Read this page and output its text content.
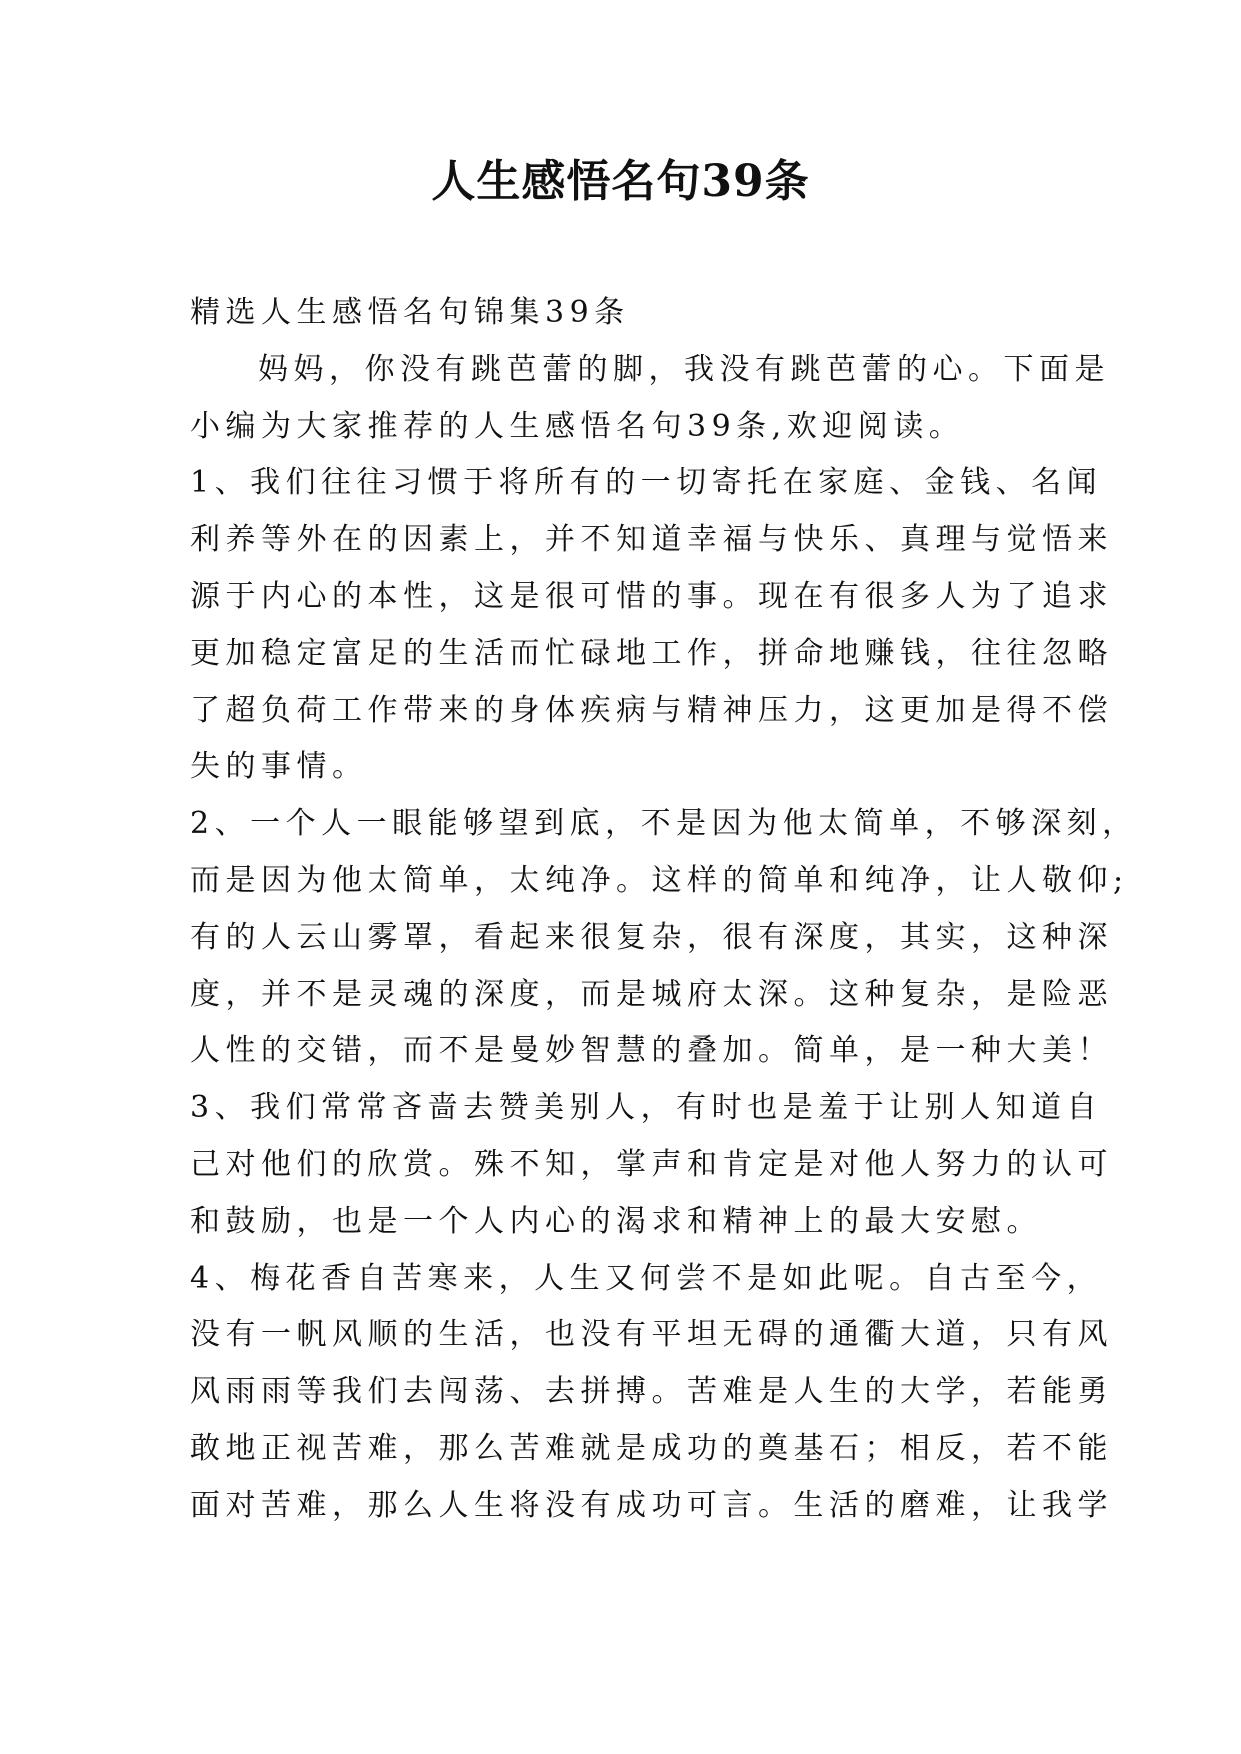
人生感悟名句39条
精选人生感悟名句锦集39条
妈妈，你没有跳芭蕾的脚，我没有跳芭蕾的心。下面是
小编为大家推荐的人生感悟名句39条,欢迎阅读。
1、我们往往习惯于将所有的一切寄托在家庭、金钱、名闻
利养等外在的因素上，并不知道幸福与快乐、真理与觉悟来
源于内心的本性，这是很可惜的事。现在有很多人为了追求
更加稳定富足的生活而忙碌地工作，拼命地赚钱，往往忽略
了超负荷工作带来的身体疾病与精神压力，这更加是得不偿
失的事情。
2、一个人一眼能够望到底，不是因为他太简单，不够深刻，
而是因为他太简单，太纯净。这样的简单和纯净，让人敬仰;
有的人云山雾罩，看起来很复杂，很有深度，其实，这种深
度，并不是灵魂的深度，而是城府太深。这种复杂，是险恶
人性的交错，而不是曼妙智慧的叠加。简单，是一种大美！
3、我们常常吝啬去赞美别人，有时也是羞于让别人知道自
己对他们的欣赏。殊不知，掌声和肯定是对他人努力的认可
和鼓励，也是一个人内心的渴求和精神上的最大安慰。
4、梅花香自苦寒来，人生又何尝不是如此呢。自古至今，
没有一帆风顺的生活，也没有平坦无碍的通衢大道，只有风
风雨雨等我们去闯荡、去拼搏。苦难是人生的大学，若能勇
敢地正视苦难，那么苦难就是成功的奠基石；相反，若不能
面对苦难，那么人生将没有成功可言。生活的磨难，让我学
